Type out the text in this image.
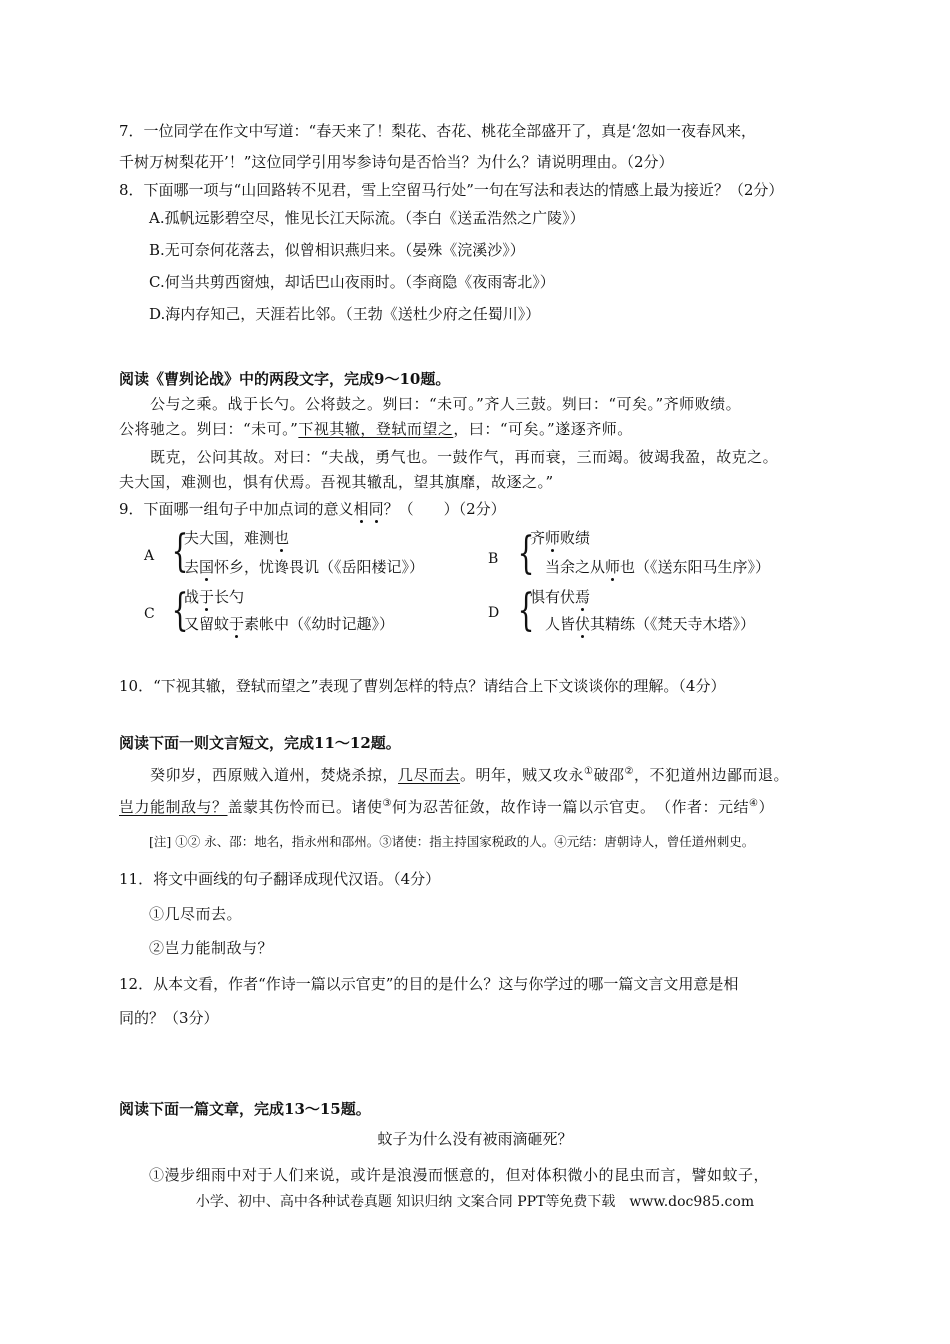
7．一位同学在作文中写道：“春天来了！梨花、杏花、桃花全部盛开了，真是‘忽如一夜春风来，
千树万树梨花开’！”这位同学引用岑参诗句是否恰当？为什么？请说明理由。（2分）
8．下面哪一项与“山回路转不见君，雪上空留马行处”一句在写法和表达的情感上最为接近？（2分）
A.孤帆远影碧空尽，惟见长江天际流。（李白《送孟浩然之广陵》）
B.无可奈何花落去，似曾相识燕归来。（晏殊《浣溪沙》）
C.何当共剪西窗烛，却话巴山夜雨时。（李商隐《夜雨寄北》）
D.海内存知己，天涯若比邻。（王勃《送杜少府之任蜀川》）
阅读《曹刿论战》中的两段文字，完成9～10题。
公与之乘。战于长勺。公将鼓之。刿曰：“未可。”齐人三鼓。刿曰：“可矣。”齐师败绩。
公将驰之。刿曰：“未可。”下视其辙，登轼而望之，曰：“可矣。”遂逐齐师。
既克，公问其故。对曰：“夫战，勇气也。一鼓作气，再而衰，三而竭。彼竭我盈，故克之。
夫大国，难测也，惧有伏焉。吾视其辙乱，望其旗靡，故逐之。”
9．下面哪一组句子中加点词的意义相同？（　　）（2分）
A {
夫大国，难测也
去国怀乡，忧谗畏讥（《岳阳楼记》）	B {
齐师败绩
当余之从师也（《送东阳马生序》）
C {
战于长勺
又留蚊于素帐中（《幼时记趣》）
D {
惧有伏焉
人皆伏其精练（《梵天寺木塔》）
10．“下视其辙，登轼而望之”表现了曹刿怎样的特点？请结合上下文谈谈你的理解。（4分）
阅读下面一则文言短文，完成11～12题。
癸卯岁，西原贼入道州，焚烧杀掠，几尽而去。明年，贼又攻永①破邵②，不犯道州边鄙而退。
岂力能制敌与？盖蒙其伤怜而已。诸使③何为忍苦征敛，故作诗一篇以示官吏。　（作者：元结④）
[注] ①② 永、邵：地名，指永州和邵州。③诸使：指主持国家税政的人。④元结：唐朝诗人，曾任道州刺史。
11．将文中画线的句子翻译成现代汉语。（4分）
①几尽而去。
②岂力能制敌与？
12．从本文看，作者“作诗一篇以示官吏”的目的是什么？这与你学过的哪一篇文言文用意是相
同的？（3分）
阅读下面一篇文章，完成13～15题。
蚊子为什么没有被雨滴砸死？
①漫步细雨中对于人们来说，或许是浪漫而惬意的，但对体积微小的昆虫而言，譬如蚊子，
小学、初中、高中各种试卷真题 知识归纳 文案合同 PPT等免费下载　www.doc985.com
